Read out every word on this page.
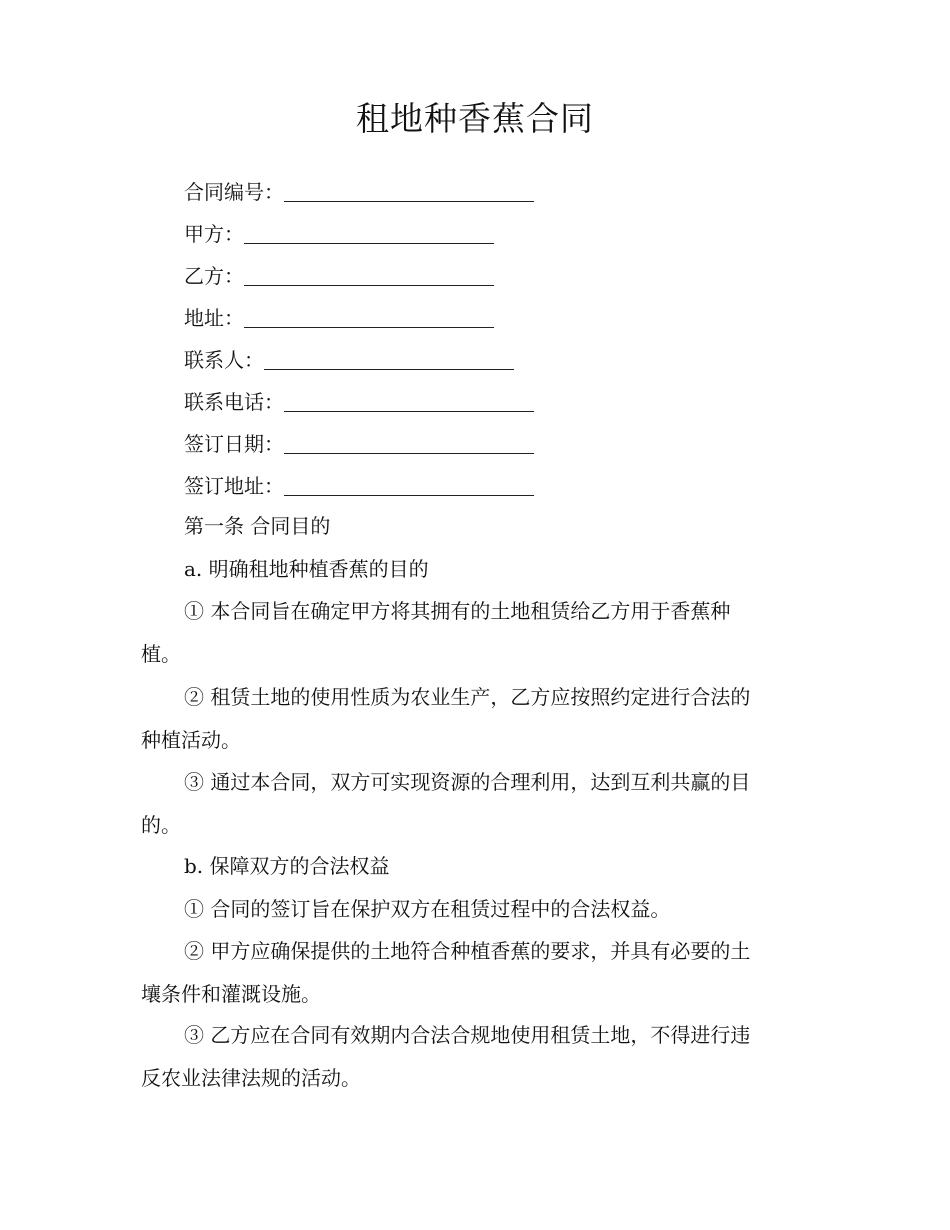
租地种香蕉合同
合同编号：
甲方：
乙方：
地址：
联系人：
联系电话：
签订日期：
签订地址：
第一条 合同目的
a. 明确租地种植香蕉的目的
① 本合同旨在确定甲方将其拥有的土地租赁给乙方用于香蕉种
植。
② 租赁土地的使用性质为农业生产，乙方应按照约定进行合法的
种植活动。
③ 通过本合同，双方可实现资源的合理利用，达到互利共赢的目
的。
b. 保障双方的合法权益
① 合同的签订旨在保护双方在租赁过程中的合法权益。
② 甲方应确保提供的土地符合种植香蕉的要求，并具有必要的土
壤条件和灌溉设施。
③ 乙方应在合同有效期内合法合规地使用租赁土地，不得进行违
反农业法律法规的活动。
